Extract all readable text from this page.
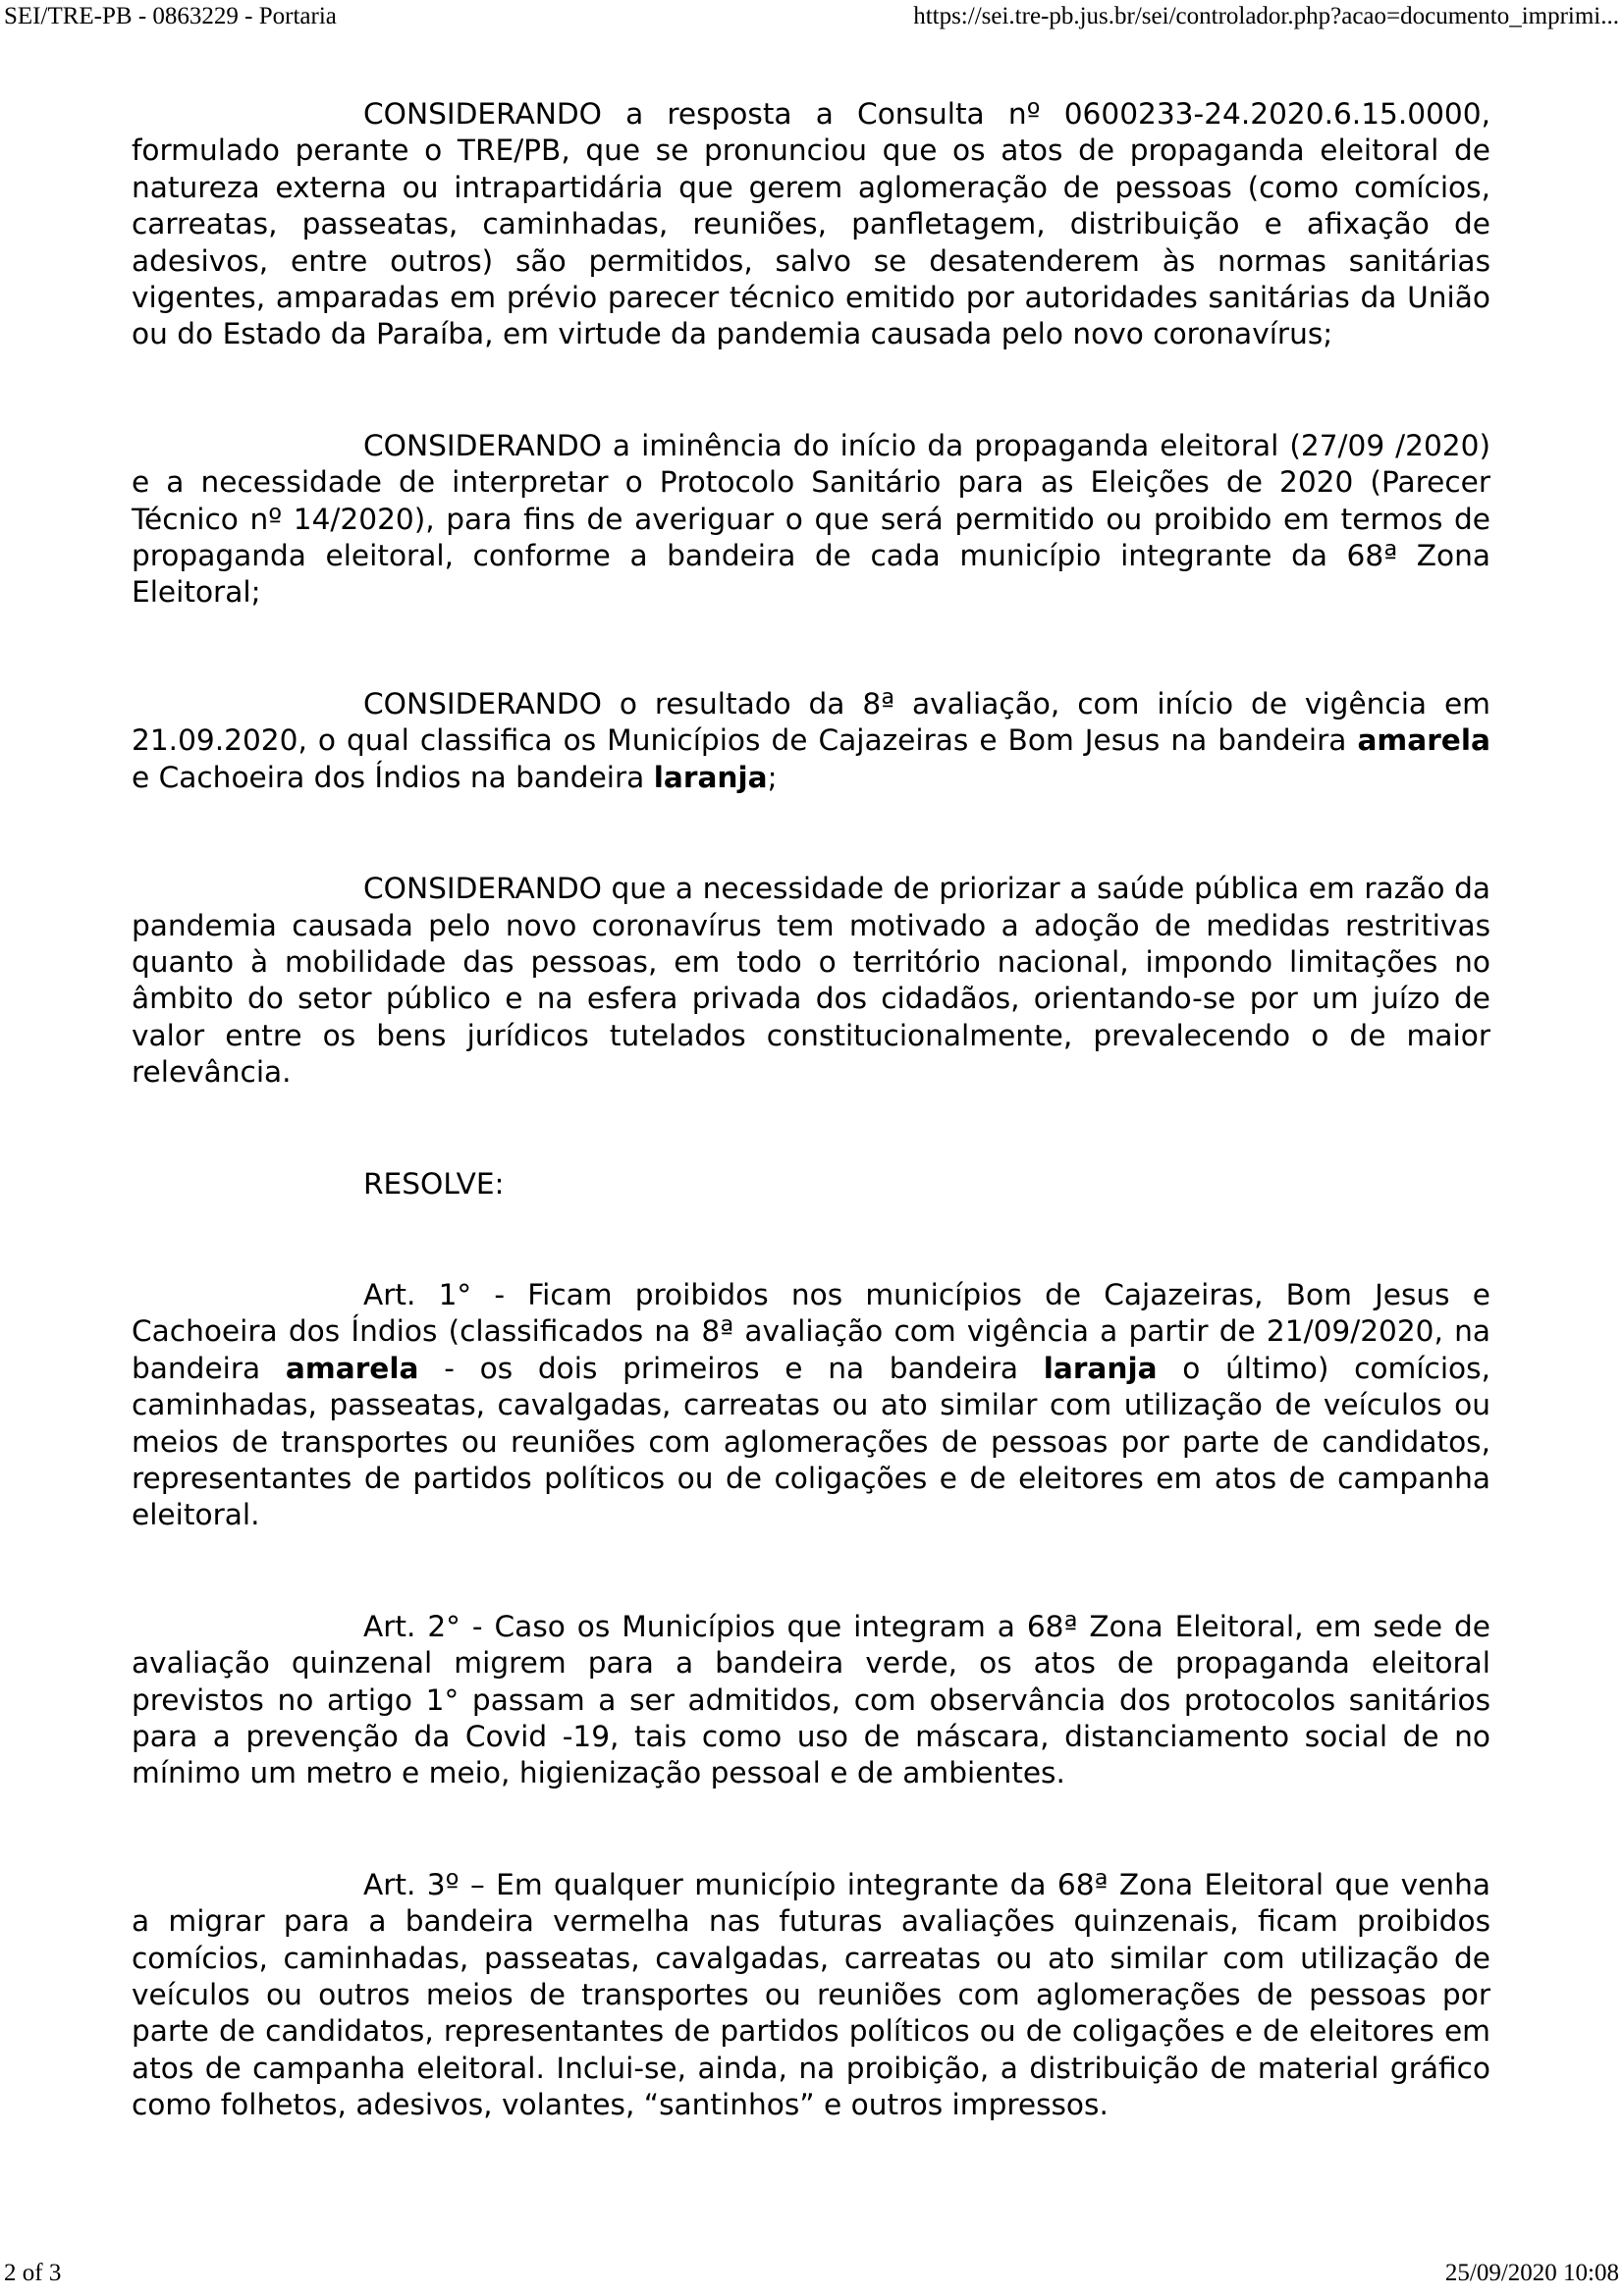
SEI/TRE-PB - 0863229 - Portaria	https://sei.tre-pb.jus.br/sei/controlador.php?acao=documento_imprimi...

CONSIDERANDO a resposta a Consulta nº 0600233-24.2020.6.15.0000, formulado perante o TRE/PB, que se pronunciou que os atos de propaganda eleitoral de natureza externa ou intrapartidária que gerem aglomeração de pessoas (como comícios, carreatas, passeatas, caminhadas, reuniões, panfletagem, distribuição e afixação de adesivos, entre outros) são permitidos, salvo se desatenderem às normas sanitárias vigentes, amparadas em prévio parecer técnico emitido por autoridades sanitárias da União ou do Estado da Paraíba, em virtude da pandemia causada pelo novo coronavírus;

CONSIDERANDO a iminência do início da propaganda eleitoral (27/09 /2020) e a necessidade de interpretar o Protocolo Sanitário para as Eleições de 2020 (Parecer Técnico nº 14/2020), para fins de averiguar o que será permitido ou proibido em termos de propaganda eleitoral, conforme a bandeira de cada município integrante da 68ª Zona Eleitoral;

CONSIDERANDO o resultado da 8ª avaliação, com início de vigência em 21.09.2020, o qual classifica os Municípios de Cajazeiras e Bom Jesus na bandeira amarela e Cachoeira dos Índios na bandeira laranja;

CONSIDERANDO que a necessidade de priorizar a saúde pública em razão da pandemia causada pelo novo coronavírus tem motivado a adoção de medidas restritivas quanto à mobilidade das pessoas, em todo o território nacional, impondo limitações no âmbito do setor público e na esfera privada dos cidadãos, orientando-se por um juízo de valor entre os bens jurídicos tutelados constitucionalmente, prevalecendo o de maior relevância.

RESOLVE:

Art. 1° - Ficam proibidos nos municípios de Cajazeiras, Bom Jesus e Cachoeira dos Índios (classificados na 8ª avaliação com vigência a partir de 21/09/2020, na bandeira amarela - os dois primeiros e na bandeira laranja o último) comícios, caminhadas, passeatas, cavalgadas, carreatas ou ato similar com utilização de veículos ou meios de transportes ou reuniões com aglomerações de pessoas por parte de candidatos, representantes de partidos políticos ou de coligações e de eleitores em atos de campanha eleitoral.

Art. 2° - Caso os Municípios que integram a 68ª Zona Eleitoral, em sede de avaliação quinzenal migrem para a bandeira verde, os atos de propaganda eleitoral previstos no artigo 1° passam a ser admitidos, com observância dos protocolos sanitários para a prevenção da Covid -19, tais como uso de máscara, distanciamento social de no mínimo um metro e meio, higienização pessoal e de ambientes.

Art. 3º – Em qualquer município integrante da 68ª Zona Eleitoral que venha a migrar para a bandeira vermelha nas futuras avaliações quinzenais, ficam proibidos comícios, caminhadas, passeatas, cavalgadas, carreatas ou ato similar com utilização de veículos ou outros meios de transportes ou reuniões com aglomerações de pessoas por parte de candidatos, representantes de partidos políticos ou de coligações e de eleitores em atos de campanha eleitoral. Inclui-se, ainda, na proibição, a distribuição de material gráfico como folhetos, adesivos, volantes, “santinhos” e outros impressos.

2 of 3	25/09/2020 10:08
